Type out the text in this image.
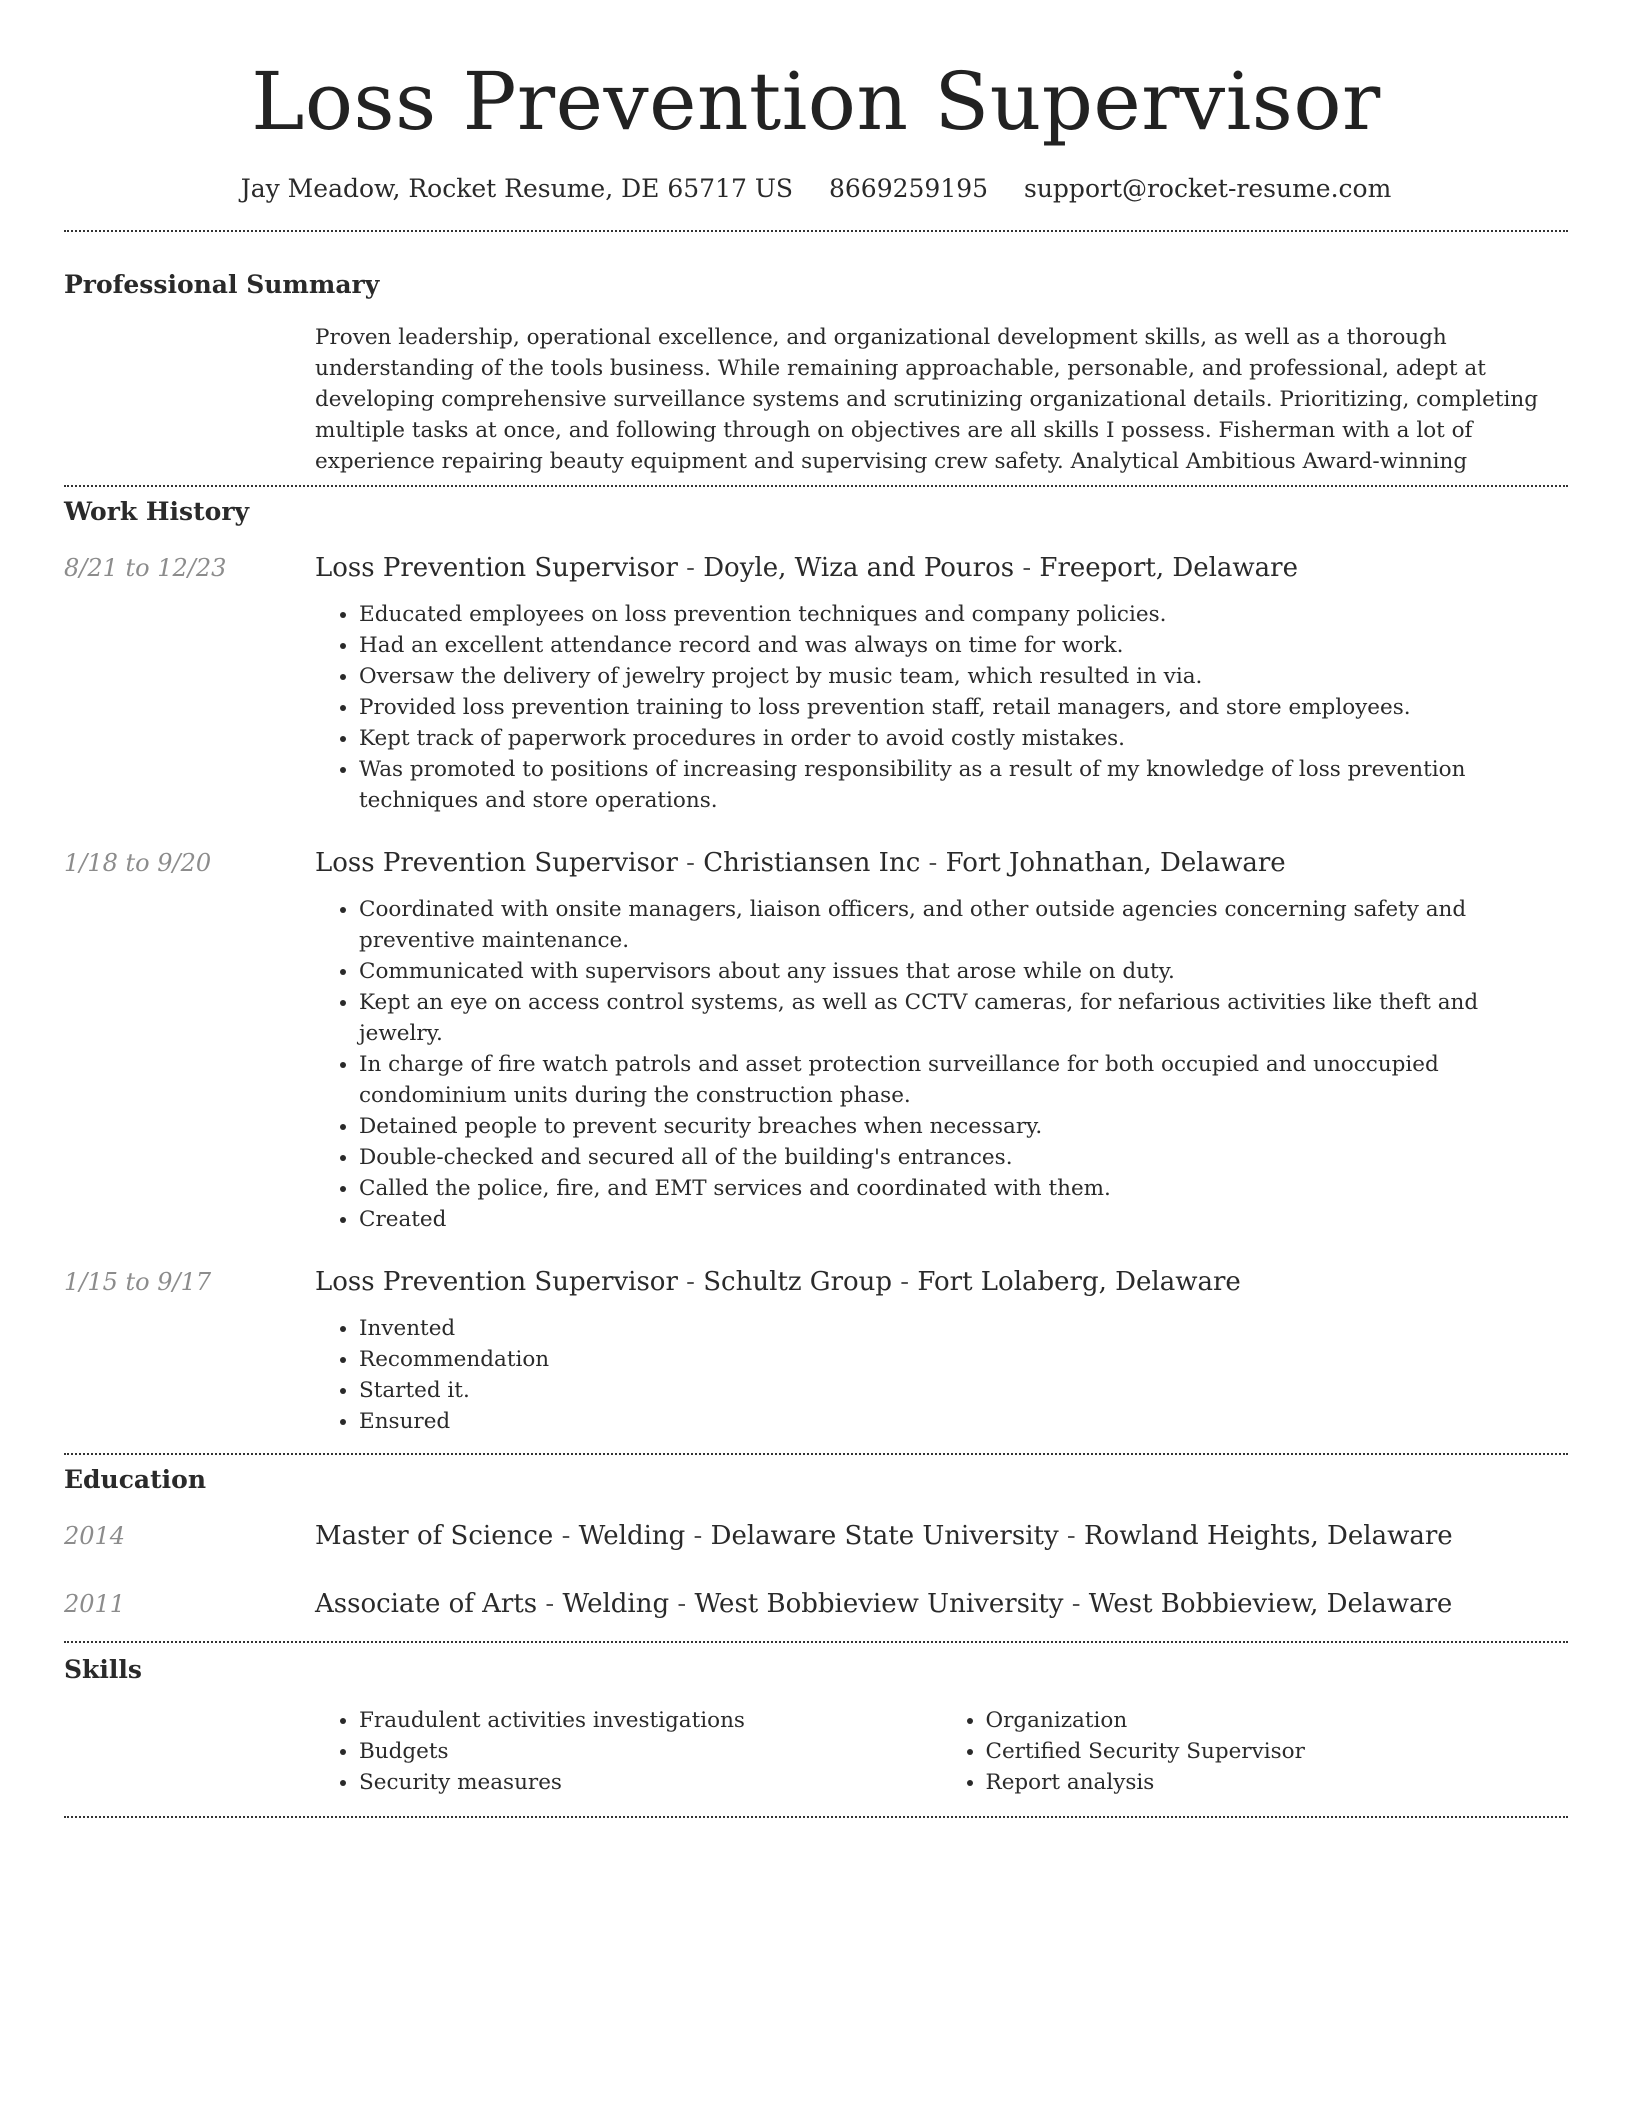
Loss Prevention Supervisor
Jay Meadow, Rocket Resume, DE 65717 US 8669259195 support@rocket-resume.com
Professional Summary

Proven leadership, operational excellence, and organizational development skills, as well as a thorough understanding of the tools business. While remaining approachable, personable, and professional, adept at developing comprehensive surveillance systems and scrutinizing organizational details. Prioritizing, completing multiple tasks at once, and following through on objectives are all skills I possess. Fisherman with a lot of experience repairing beauty equipment and supervising crew safety. Analytical Ambitious Award-winning

Work History
8/21 to 12/23	Loss Prevention Supervisor - Doyle, Wiza and Pouros - Freeport, Delaware
• Educated employees on loss prevention techniques and company policies.
• Had an excellent attendance record and was always on time for work.
• Oversaw the delivery of jewelry project by music team, which resulted in via.
• Provided loss prevention training to loss prevention staff, retail managers, and store employees.
• Kept track of paperwork procedures in order to avoid costly mistakes.
• Was promoted to positions of increasing responsibility as a result of my knowledge of loss prevention techniques and store operations.
1/18 to 9/20	Loss Prevention Supervisor - Christiansen Inc - Fort Johnathan, Delaware
• Coordinated with onsite managers, liaison officers, and other outside agencies concerning safety and preventive maintenance.
• Communicated with supervisors about any issues that arose while on duty.
• Kept an eye on access control systems, as well as CCTV cameras, for nefarious activities like theft and jewelry.
• In charge of fire watch patrols and asset protection surveillance for both occupied and unoccupied condominium units during the construction phase.
• Detained people to prevent security breaches when necessary.
• Double-checked and secured all of the building's entrances.
• Called the police, fire, and EMT services and coordinated with them.
• Created
1/15 to 9/17	Loss Prevention Supervisor - Schultz Group - Fort Lolaberg, Delaware
• Invented
• Recommendation
• Started it.
• Ensured
Education
2014	Master of Science - Welding - Delaware State University - Rowland Heights, Delaware
2011	Associate of Arts - Welding - West Bobbieview University - West Bobbieview, Delaware
Skills
• Fraudulent activities investigations
• Budgets
• Security measures
• Organization
• Certified Security Supervisor
• Report analysis
